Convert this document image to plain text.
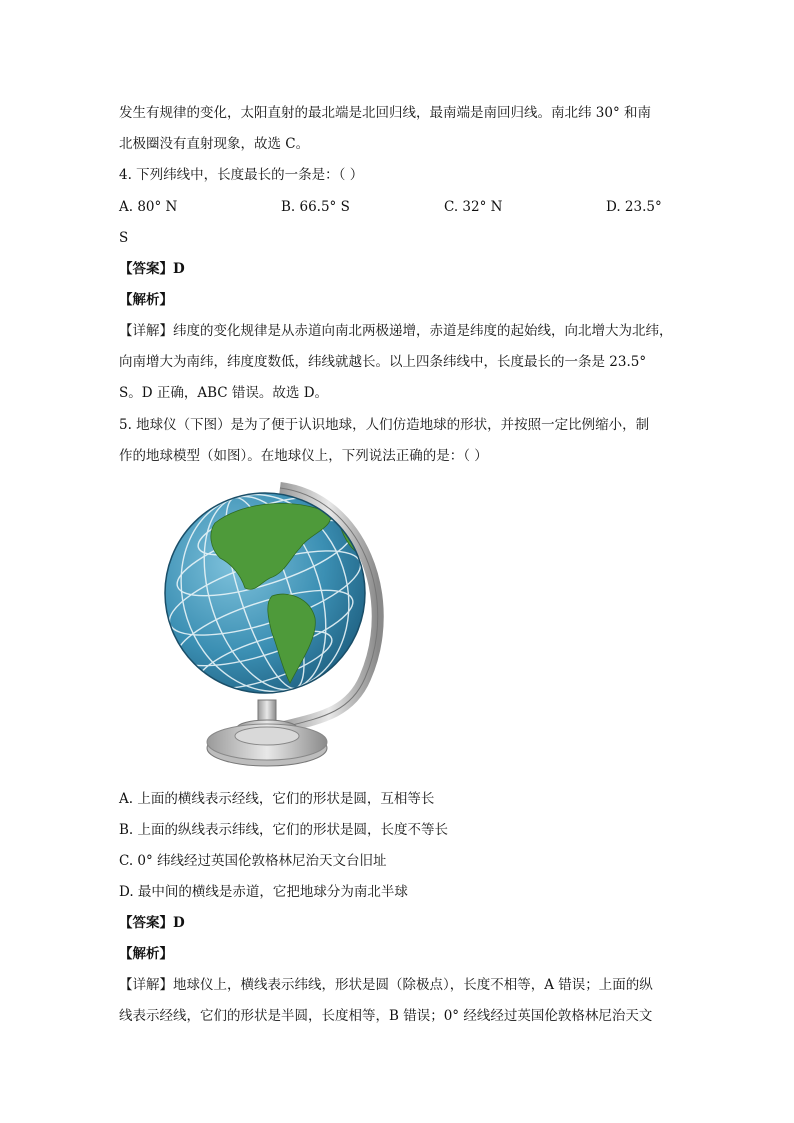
发生有规律的变化，太阳直射的最北端是北回归线，最南端是南回归线。南北纬 30° 和南
北极圈没有直射现象，故选 C。
4. 下列纬线中，长度最长的一条是：（ ）
A. 80° N	B. 66.5° S	C. 32° N	D. 23.5°
S
【答案】D
【解析】
【详解】纬度的变化规律是从赤道向南北两极递增，赤道是纬度的起始线，向北增大为北纬，
向南增大为南纬，纬度度数低，纬线就越长。以上四条纬线中，长度最长的一条是 23.5°
S。D 正确，ABC 错误。故选 D。
5. 地球仪（下图）是为了便于认识地球，人们仿造地球的形状，并按照一定比例缩小，制
作的地球模型（如图）。在地球仪上，下列说法正确的是：（ ）
A. 上面的横线表示经线，它们的形状是圆，互相等长
B. 上面的纵线表示纬线，它们的形状是圆，长度不等长
C. 0° 纬线经过英国伦敦格林尼治天文台旧址
D. 最中间的横线是赤道，它把地球分为南北半球
【答案】D
【解析】
【详解】地球仪上，横线表示纬线，形状是圆（除极点），长度不相等，A 错误；上面的纵
线表示经线，它们的形状是半圆，长度相等，B 错误；0° 经线经过英国伦敦格林尼治天文
